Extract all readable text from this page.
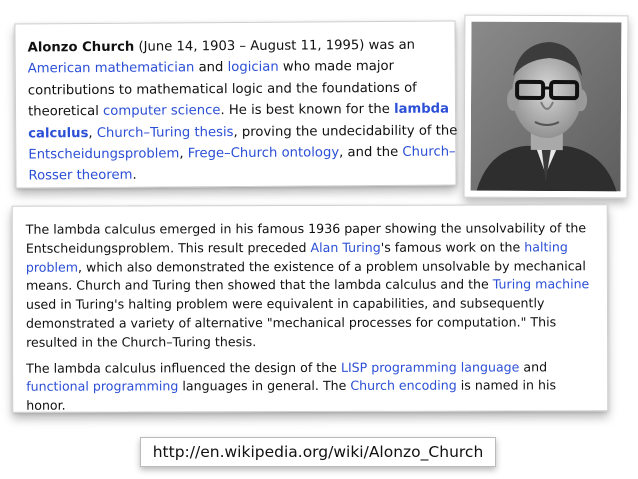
Alonzo Church (June 14, 1903 – August 11, 1995) was an American mathematician and logician who made major contributions to mathematical logic and the foundations of theoretical computer science. He is best known for the lambda calculus, Church–Turing thesis, proving the undecidability of the Entscheidungsproblem, Frege–Church ontology, and the Church–Rosser theorem.

The lambda calculus emerged in his famous 1936 paper showing the unsolvability of the Entscheidungsproblem. This result preceded Alan Turing's famous work on the halting problem, which also demonstrated the existence of a problem unsolvable by mechanical means. Church and Turing then showed that the lambda calculus and the Turing machine used in Turing's halting problem were equivalent in capabilities, and subsequently demonstrated a variety of alternative "mechanical processes for computation." This resulted in the Church–Turing thesis.

The lambda calculus influenced the design of the LISP programming language and functional programming languages in general. The Church encoding is named in his honor.

http://en.wikipedia.org/wiki/Alonzo_Church
